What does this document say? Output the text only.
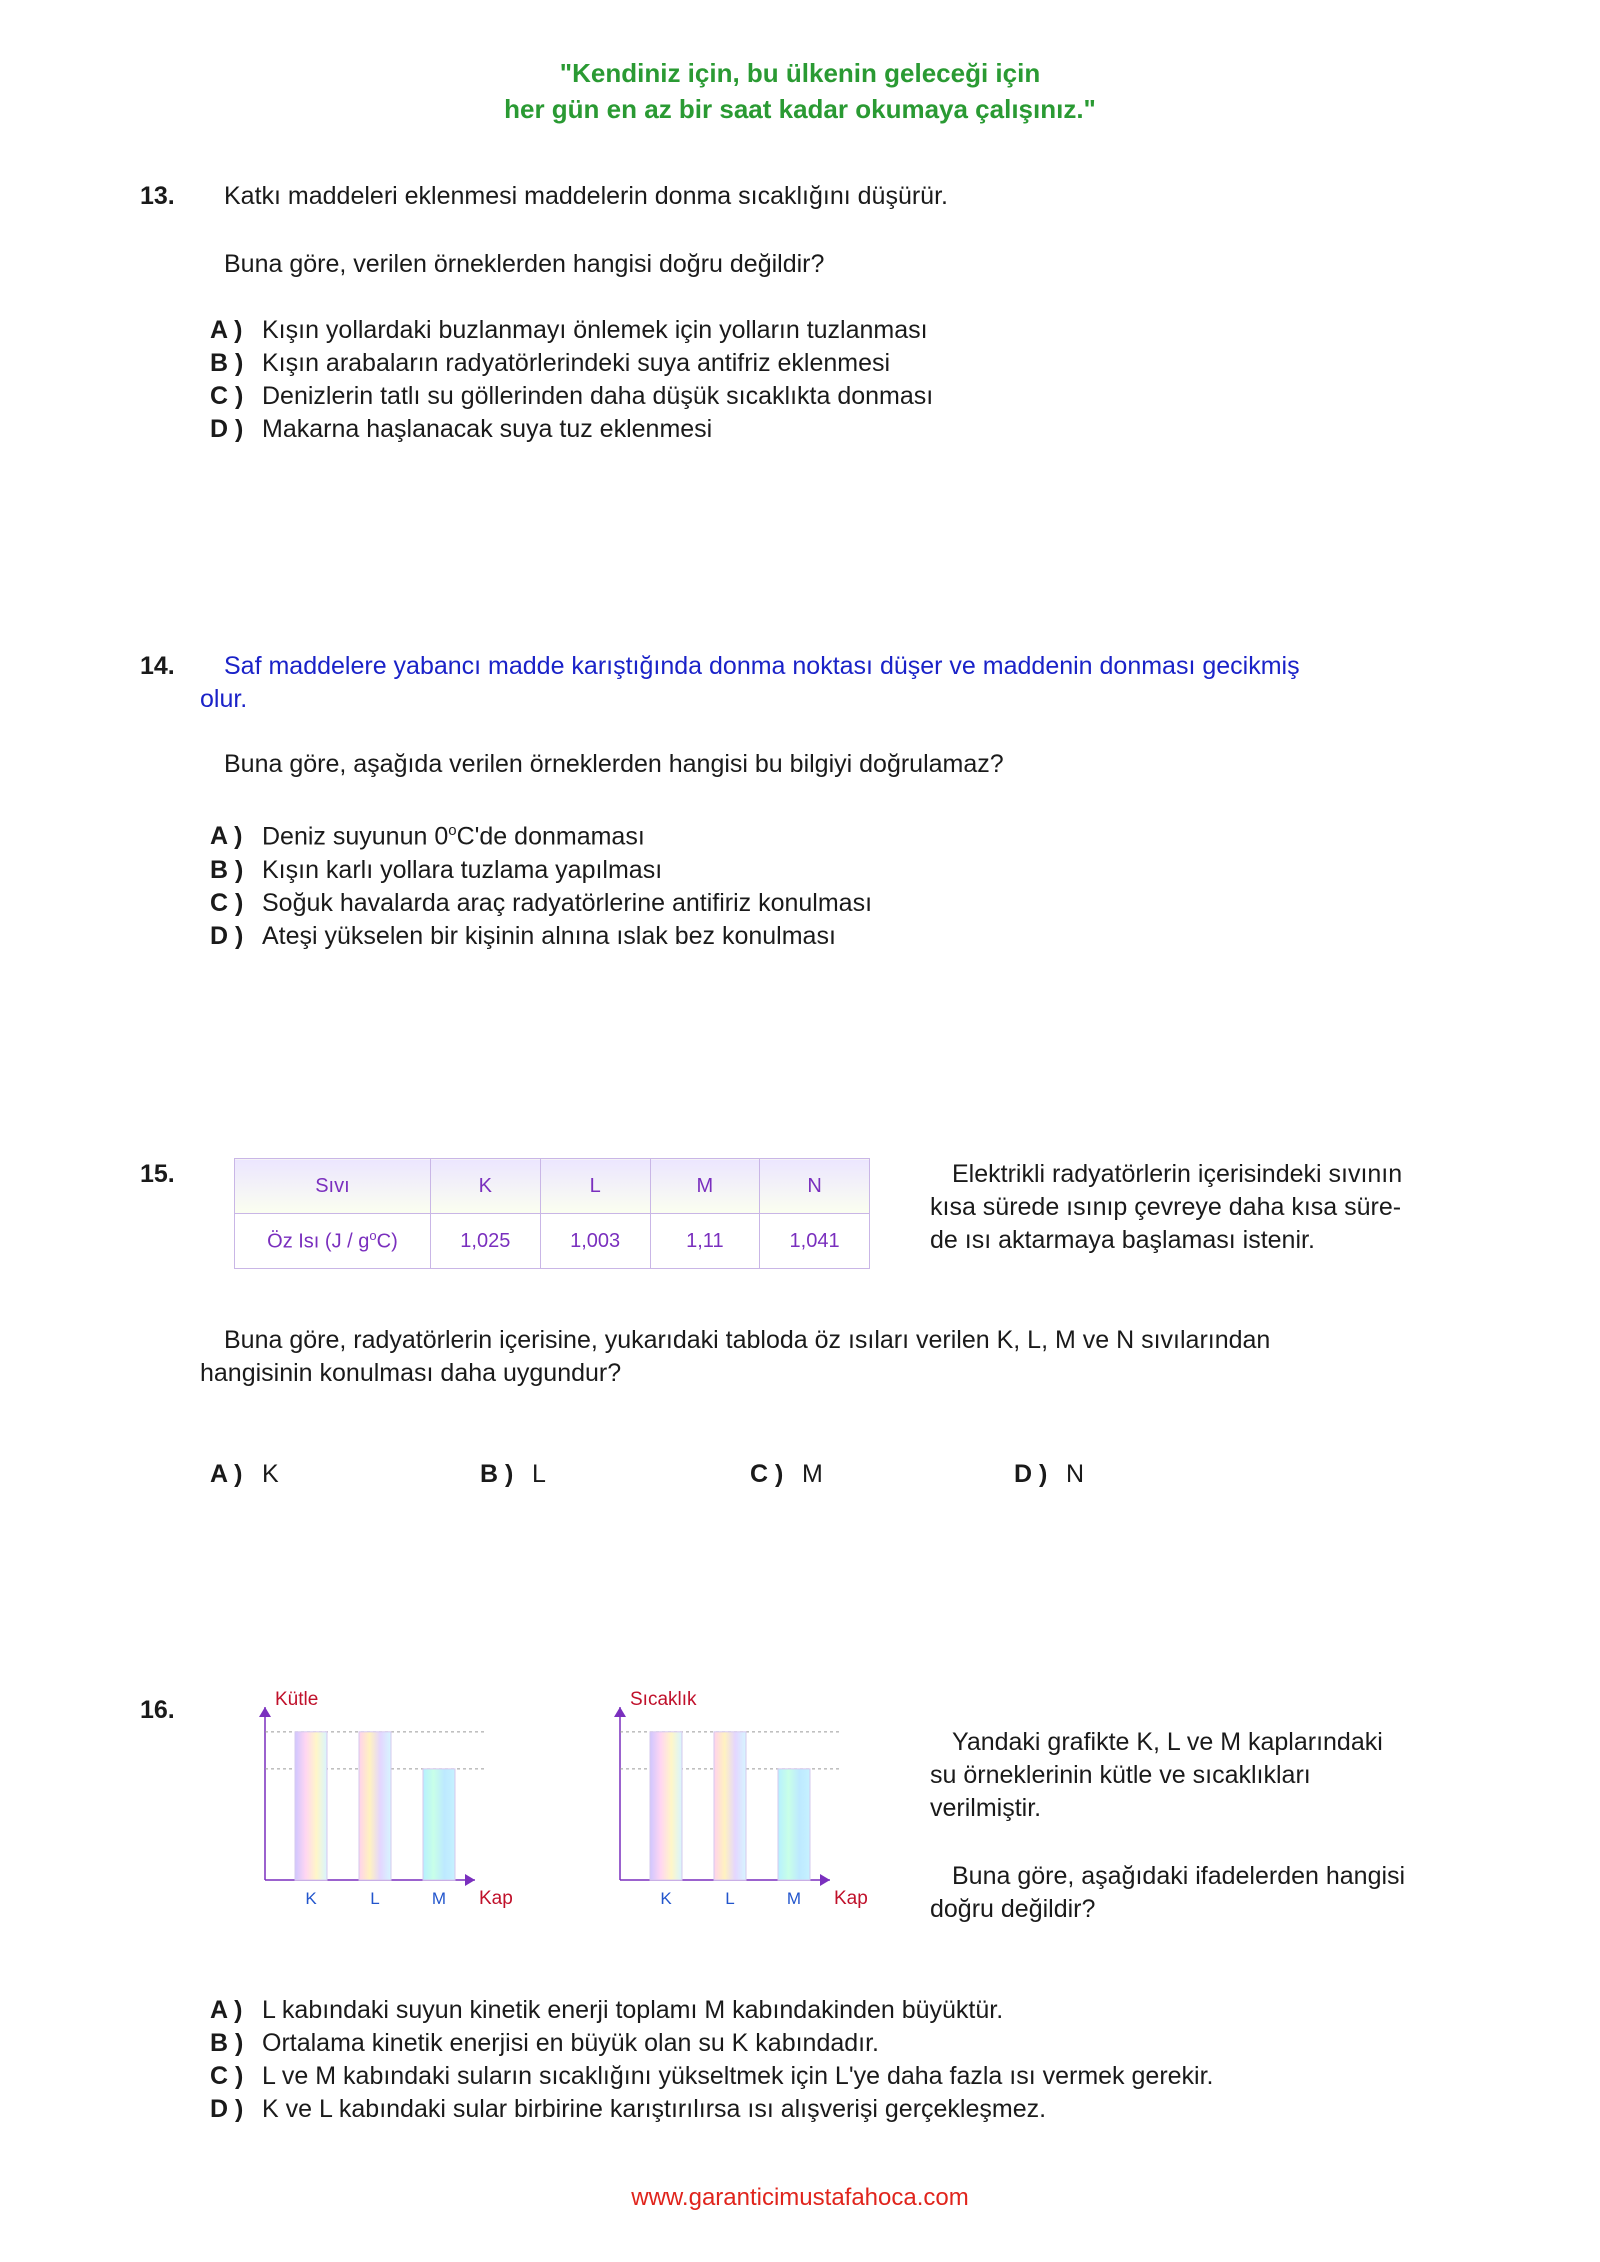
"Kendiniz için, bu ülkenin geleceği için
her gün en az bir saat kadar okumaya çalışınız."
13. Katkı maddeleri eklenmesi maddelerin donma sıcaklığını düşürür.
Buna göre, verilen örneklerden hangisi doğru değildir?
A ) Kışın yollardaki buzlanmayı önlemek için yolların tuzlanması
B ) Kışın arabaların radyatörlerindeki suya antifriz eklenmesi
C ) Denizlerin tatlı su göllerinden daha düşük sıcaklıkta donması
D ) Makarna haşlanacak suya tuz eklenmesi
14. Saf maddelere yabancı madde karıştığında donma noktası düşer ve maddenin donması gecikmiş
olur.
Buna göre, aşağıda verilen örneklerden hangisi bu bilgiyi doğrulamaz?
A ) Deniz suyunun 0$^o$C'de donmaması
B ) Kışın karlı yollara tuzlama yapılması
C ) Soğuk havalarda araç radyatörlerine antifiriz konulması
D ) Ateşi yükselen bir kişinin alnına ıslak bez konulması
15.	Sıvı	K	L	M	N
Öz Isı $(J / g^oC)$	1,025	1,003	1,11	1,041
Elektrikli radyatörlerin içerisindeki sıvının
kısa sürede ısınıp çevreye daha kısa süre-
de ısı aktarmaya başlaması istenir.
Buna göre, radyatörlerin içerisine, yukarıdaki tabloda öz ısıları verilen K, L, M ve N sıvılarından
hangisinin konulması daha uygundur?
A ) K	B ) L	C ) M	D ) N
16.	Kütle
Kap
K	L	M
Sıcaklık
Kap
K	L	M
Yandaki grafikte K, L ve M kaplarındaki
su örneklerinin kütle ve sıcaklıkları
verilmiştir.
Buna göre, aşağıdaki ifadelerden hangisi
doğru değildir?
A ) L kabındaki suyun kinetik enerji toplamı M kabındakinden büyüktür.
B ) Ortalama kinetik enerjisi en büyük olan su K kabındadır.
C ) L ve M kabındaki suların sıcaklığını yükseltmek için L'ye daha fazla ısı vermek gerekir.
D ) K ve L kabındaki sular birbirine karıştırılırsa ısı alışverişi gerçekleşmez.
www.garanticimustafahoca.com
